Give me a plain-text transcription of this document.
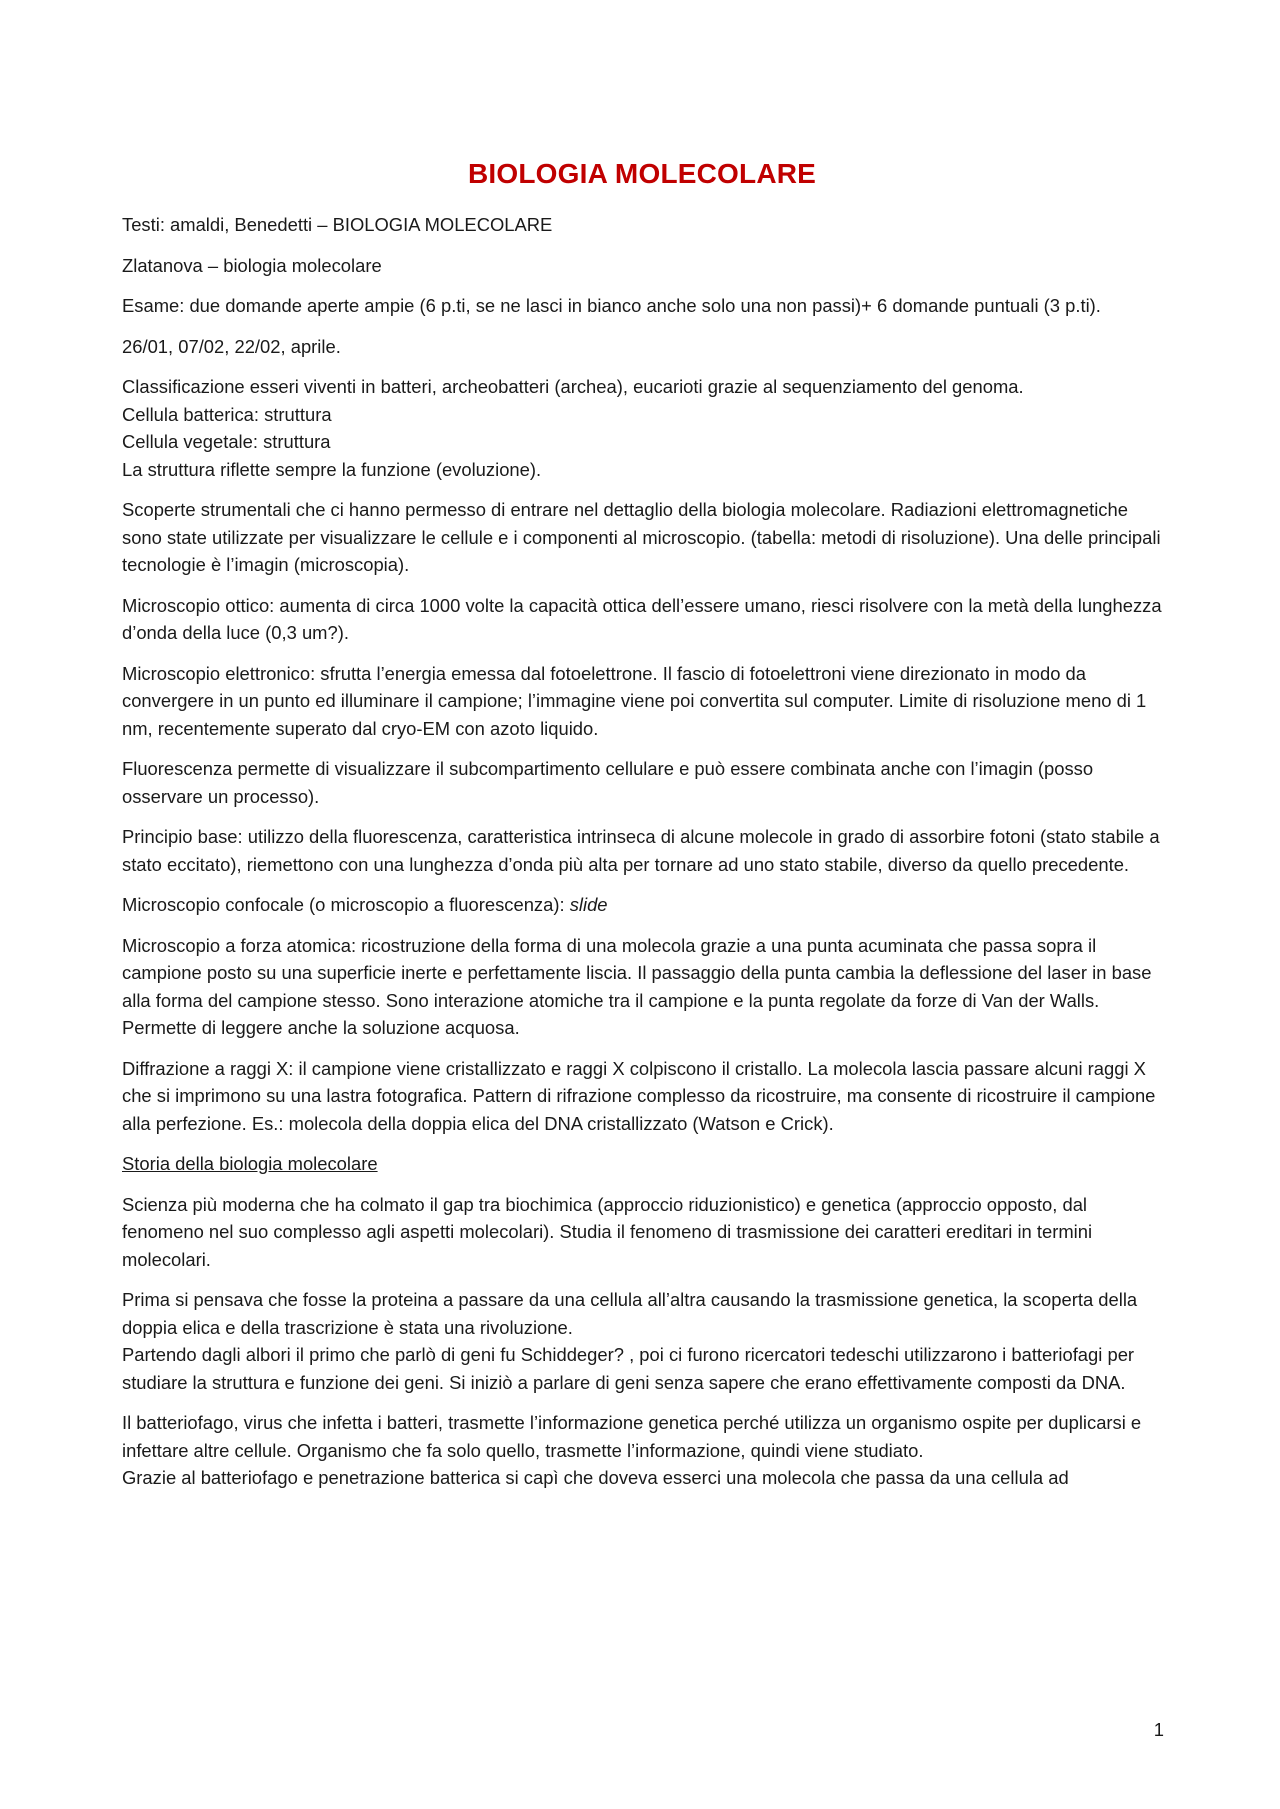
BIOLOGIA MOLECOLARE

Testi: amaldi, Benedetti – BIOLOGIA MOLECOLARE

Zlatanova – biologia molecolare

Esame: due domande aperte ampie (6 p.ti, se ne lasci in bianco anche solo una non passi)+ 6 domande puntuali (3 p.ti).

26/01, 07/02, 22/02, aprile.

Classificazione esseri viventi in batteri, archeobatteri (archea), eucarioti grazie al sequenziamento del genoma.
Cellula batterica: struttura
Cellula vegetale: struttura
La struttura riflette sempre la funzione (evoluzione).

Scoperte strumentali che ci hanno permesso di entrare nel dettaglio della biologia molecolare. Radiazioni elettromagnetiche sono state utilizzate per visualizzare le cellule e i componenti al microscopio. (tabella: metodi di risoluzione). Una delle principali tecnologie è l’imagin (microscopia).

Microscopio ottico: aumenta di circa 1000 volte la capacità ottica dell’essere umano, riesci risolvere con la metà della lunghezza d’onda della luce (0,3 um?).

Microscopio elettronico: sfrutta l’energia emessa dal fotoelettrone. Il fascio di fotoelettroni viene direzionato in modo da convergere in un punto ed illuminare il campione; l’immagine viene poi convertita sul computer. Limite di risoluzione meno di 1 nm, recentemente superato dal cryo-EM con azoto liquido.

Fluorescenza permette di visualizzare il subcompartimento cellulare e può essere combinata anche con l’imagin (posso osservare un processo).

Principio base: utilizzo della fluorescenza, caratteristica intrinseca di alcune molecole in grado di assorbire fotoni (stato stabile a stato eccitato), riemettono con una lunghezza d’onda più alta per tornare ad uno stato stabile, diverso da quello precedente.

Microscopio confocale (o microscopio a fluorescenza): slide

Microscopio a forza atomica: ricostruzione della forma di una molecola grazie a una punta acuminata che passa sopra il campione posto su una superficie inerte e perfettamente liscia. Il passaggio della punta cambia la deflessione del laser in base alla forma del campione stesso. Sono interazione atomiche tra il campione e la punta regolate da forze di Van der Walls. Permette di leggere anche la soluzione acquosa.

Diffrazione a raggi X: il campione viene cristallizzato e raggi X colpiscono il cristallo. La molecola lascia passare alcuni raggi X che si imprimono su una lastra fotografica. Pattern di rifrazione complesso da ricostruire, ma consente di ricostruire il campione alla perfezione. Es.: molecola della doppia elica del DNA cristallizzato (Watson e Crick).

Storia della biologia molecolare

Scienza più moderna che ha colmato il gap tra biochimica (approccio riduzionistico) e genetica (approccio opposto, dal fenomeno nel suo complesso agli aspetti molecolari). Studia il fenomeno di trasmissione dei caratteri ereditari in termini molecolari.

Prima si pensava che fosse la proteina a passare da una cellula all’altra causando la trasmissione genetica, la scoperta della doppia elica e della trascrizione è stata una rivoluzione.
Partendo dagli albori il primo che parlò di geni fu Schiddeger? , poi ci furono ricercatori tedeschi utilizzarono i batteriofagi per studiare la struttura e funzione dei geni. Si iniziò a parlare di geni senza sapere che erano effettivamente composti da DNA.

Il batteriofago, virus che infetta i batteri, trasmette l’informazione genetica perché utilizza un organismo ospite per duplicarsi e infettare altre cellule. Organismo che fa solo quello, trasmette l’informazione, quindi viene studiato.
Grazie al batteriofago e penetrazione batterica si capì che doveva esserci una molecola che passa da una cellula ad

1
